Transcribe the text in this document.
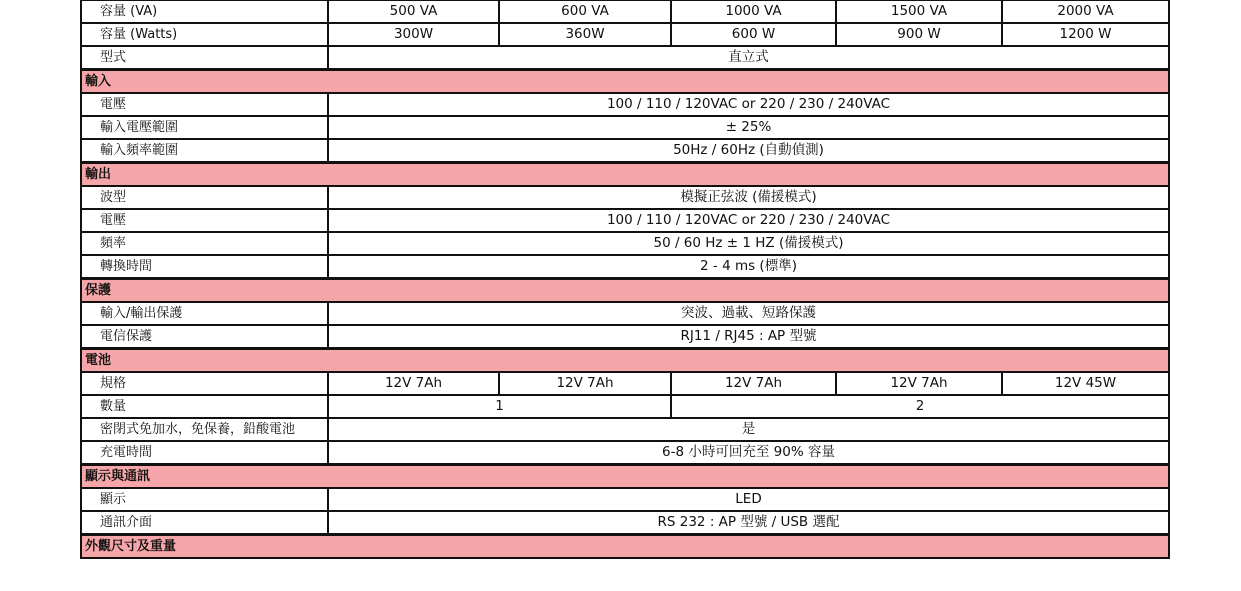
容量 (VA)	500 VA	600 VA	1000 VA	1500 VA	2000 VA
容量 (Watts)	300W	360W	600 W	900 W	1200 W
型式	直立式				
輸入					
電壓	100 / 110 / 120VAC or 220 / 230 / 240VAC				
輸入電壓範圍	± 25%				
輸入頻率範圍	50Hz / 60Hz (自動偵測)				
輸出					
波型	模擬正弦波 (備援模式)				
電壓	100 / 110 / 120VAC or 220 / 230 / 240VAC				
頻率	50 / 60 Hz ± 1 HZ (備援模式)				
轉換時間	2 - 4 ms (標準)				
保護					
輸入/輸出保護	突波、過載、短路保護				
電信保護	RJ11 / RJ45 : AP 型號				
電池					
規格	12V 7Ah	12V 7Ah	12V 7Ah	12V 7Ah	12V 45W
數量	1		2		
密閉式免加水，免保養，鉛酸電池	是				
充電時間	6-8 小時可回充至 90% 容量				
顯示與通訊					
顯示	LED				
通訊介面	RS 232 : AP 型號 / USB 選配				
外觀尺寸及重量					
